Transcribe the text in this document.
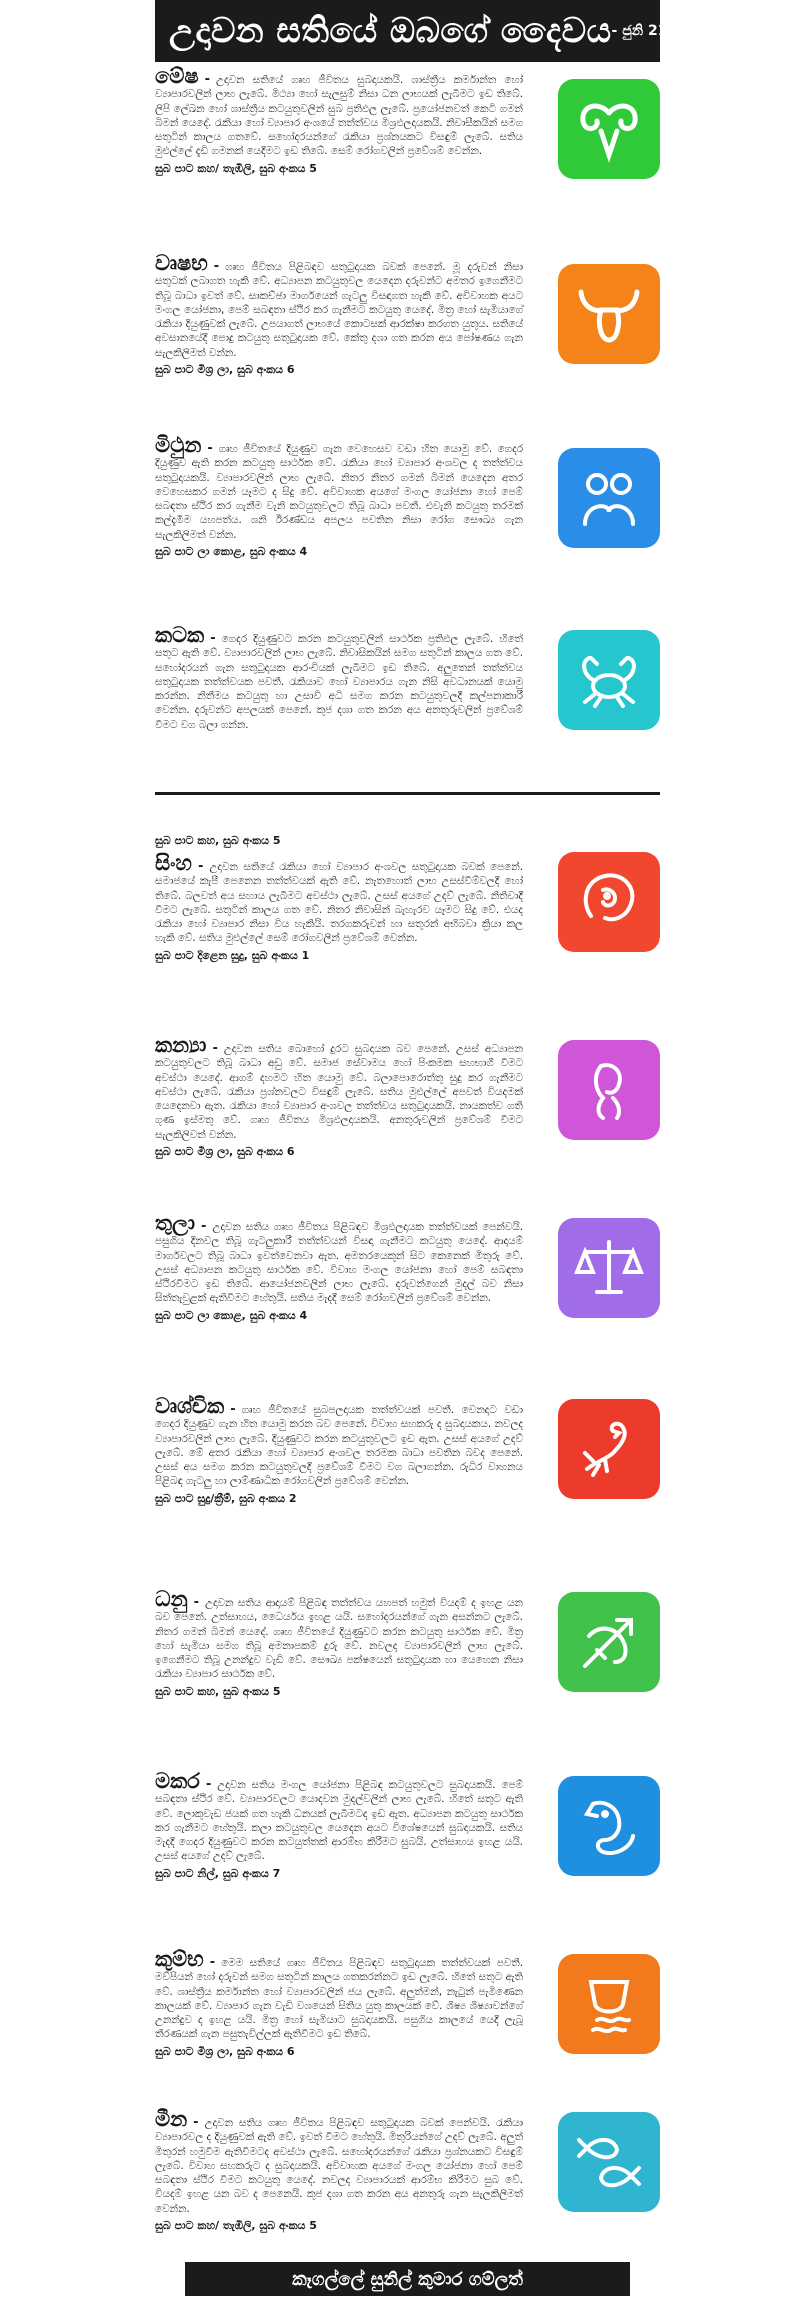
උදාවන සතියේ ඔබගේ දෛවය - ජුනි 21 සිට
මේෂ - උදාවන සතියේ ගෘහ ජීවිතය සුබදායකයි. ශාස්ත්‍රීය කර්මාන්ත හෝ ව්‍යාපාරවලින් ලාභ ලැබේ. මිථ්‍යා හෝ සැලසුම් නිසා ධන ලාභයක් ලැබීමට ඉඩ තිබේ. ලිපි ලේඛන හෝ ශාස්ත්‍රීය කටයුතුවලින් සුබ ප්‍රතිඵල ලැබේ. ප්‍රයෝජනවත් කෙටි ගමන් බිමන් යෙදේ. රැකියා හෝ ව්‍යාපාර අංශයේ තත්ත්වය මිශ්‍රඵලදායකයි. නිවාසීකයින් සමග සතුටින් කාලය ගතවේ. සහෝදරයන්ගේ රැකියා ප්‍රශ්නයකට විසඳුම් ලැබේ. සතිය මුළුල්ලේ දැඩි ගමනක් යෙදීමට ඉඩ තිබේ. සෙම් රෝගවලින් ප්‍රවේශම් වෙන්න.
සුබ පාට කහ/ තැඹිලි, සුබ අංකය 5
වෘෂභ - ගෘහ ජීවිතය පිළිබඳව සතුටුදායක බවක් පෙනේ. මූ දරුවන් නිසා සතුටක් ලබාගත හැකි වේ. අධ්‍යාපන කටයුතුවල යෙදෙන දරුවන්ට අමතර ඉගෙනීමට තිබූ බාධා ඉවත් වේ. සාකච්ඡා මාර්ගයෙන් ගැටලු විසඳාගත හැකි වේ. අවිවාහක අයට මංගල යෝජනා, පෙම් සබඳතා ස්ථිර කර ගැනීමට කටයුතු යෙදේ. මිත්‍ර හෝ සැමියාගේ රැකියා දියුණුවක් ලැබේ. උපයාගත් ලාභයේ කොටසක් ආරක්ෂා කරගත යුතුය. සතියේ අවසානයේදී පොදු කටයුතු සතුටුදායක වේ. කේතු දශා ගත කරන අය පෝෂණය ගැන සැලකිලිමත් වන්න.
සුබ පාට මිශ්‍ර ලා, සුබ අංකය 6
මිථුන - ගෘහ ජීවිතයේ දියුණුව ගැන වෙහෙසව වඩා හිත යොමු වේ. ගෙදර දියුණුව ඇති කරන කටයුතු සාර්ථක වේ. රැකියා හෝ ව්‍යාපාර අංශවල ද තත්ත්වය සතුටුදායකයි. ව්‍යාපාරවලින් ලාභ ලැබේ. නිතර නිතර ගමන් බිමන් යෙදෙන අතර වෙහෙසකර ගමන් යෑමට ද සිදු වේ. අවිවාහක අයගේ මංගල යෝජනා හෝ පෙම් සබඳතා ස්ථිර කර ගැනීම වැනි කටයුතුවලට තිබූ බාධා පවතී. එවැනි කටයුතු තරමක් කල්දැමීම යහපත්ය. ශනි ඊරණ්ඩය අපලය පවතින නිසා රෝග සෞඛ්‍ය ගැන සැලකිලිමත් වන්න.
සුබ පාට ලා කොළ, සුබ අංකය 4
කටක - ගෙදර දියුණුවට කරන කටයුතුවලින් සාර්ථක ප්‍රතිඵල ලැබේ. හිතේ සතුට ඇති වේ. ව්‍යාපාරවලින් ලාභ ලැබේ. නිවාසිකයින් සමග සතුටින් කාලය ගත වේ. සහෝදරයන් ගැන සතුටුදායක ආරංචියක් ලැබීමට ඉඩ තිබේ. අලුතෙන් තත්ත්වය සතුටුදායක තත්ත්වයක පවතී. රැකියාව හෝ ව්‍යාපාරය ගැන නිසි අවධානයක් යොමු කරන්න. නිතීමය කටයුතු හා උසාවි අධි සමග කරන කටයුතුවලදී කල්පනාකාරී වෙන්න. දරුවන්ට අපලයක් පෙනේ. කුජ දශා ගත කරන අය අනතුරුවලින් ප්‍රවේශම් වීමට වග බලා ගන්න.
සුබ පාට කහ, සුබ අංකය 5
සිංහ - උදාවන සතියේ රැකියා හෝ ව්‍යාපාර අංශවල සතුටුදායක බවක් පෙනේ. සමාජයේ කැපී පෙනෙන තත්ත්වයක් ඇති වේ. නැතහොත් ලාභ උසස්වීම්වලදී හෝ තිබේ. බලවත් අය සහාය ලැබීමට අවස්ථා ලැබේ. උසස් අයගේ උදව් ලැබේ. නිතිවාදී වීමට ලැබේ. සතුටින් කාලය ගත වේ. නිතර නිවාසින් බැහැරව යෑමට සිදු වේ. එයද රැකියා හෝ ව්‍යාපාර නිසා විය හැකියි. තරගකරුවන් හා සතුරන් අභිබවා ක්‍රියා කල හැකි වේ. සතිය මුළුල්ලේ සෙම් රෝගවලින් ප්‍රවේශම් වෙන්න.
සුබ පාට දිළෙන සුදු, සුබ අංකය 1
කන්‍යා - උදාවන සතිය බොහෝ දුරට සුබදායක බව පෙනේ. උසස් අධ්‍යාපන කටයුතුවලට තිබූ බාධා අඩු වේ. සමාජ සේවාමය හෝ පිංකමක සහභාගී වීමට අවස්ථා යෙදේ. ආගම් දහමට හිත යොමු වේ. බලාපොරොත්තු සුදු කර ගැනීමට අවස්ථා ලැබේ. රැකියා ප්‍රශ්නවලට විසඳුම් ලැබේ. සතිය මුළුල්ලේ අපවත් වියදමක් යෙදෙනවා ඇත. රැකියා හෝ ව්‍යාපාර අංශවල තත්ත්වය සතුටුදායකයි. නායකත්ව ගති ගුණ ඉස්මතු වේ. ගෘහ ජීවිතය මිශ්‍රඵලදායකයි. අනතුරුවලින් ප්‍රවේශම් වීමට සැලකිලිවත් වන්න.
සුබ පාට මිශ්‍ර ලා, සුබ අංකය 6
තුලා - උදාවන සතිය ගෘහ ජීවිතය පිළිබඳව මිශ්‍රඵලදායක තත්ත්වයක් පෙන්වයි. පසුගිය දිනවල තිබූ ගැටලුකාරී තත්ත්වයන් විසඳා ගැනීමට කටයුතු යෙදේ. ආදායම් මාර්ගවලට තිබූ බාධා ඉවත්වෙනවා ඇත. අමතරයෙකුන් සිට කෙනෙක් මිතුරු වේ. උසස් අධ්‍යාපන කටයුතු සාර්ථක වේ. විවාහ මංගල යෝජනා හෝ පෙම් සබඳතා ස්ථිරවීමට ඉඩ තිබේ. ආයෝජනවලින් ලාභ ලැබේ. දරුවන්ගෙන් මුදල් බව නිසා සිත්තැවුළක් ඇතිවීමට හේතුයි. සතිය මැදදී සෙම් රෝගවලින් ප්‍රවේශම් වෙන්න.
සුබ පාට ලා කොළ, සුබ අංකය 4
වෘශ්චික - ගෘහ ජීවිතයේ සුබපලදායක තත්ත්වයක් පවතී. වෙනදාට වඩා ගෙදර දියුණුව ගැන හිත යොමු කරන බව පෙනේ. විවාහ සහකරු ද සුබදායකය. නවලද ව්‍යාපාරවලින් ලාභ ලැබේ. දියුණුවට කරන කටයුතුවලට ඉඩ ඇත. උසස් අයගේ උදව් ලැබේ. මේ අතර රැකියා හෝ ව්‍යාපාර අංශවල තරමක බාධා පවතින බවද පෙනේ. උසස් අය සමග කරන කටයුතුවලදී ප්‍රවේශම් වීමට වග බලාගන්න. රුධිර වාහනය පිළිබඳ ගැටලු හා ලාම්ණාධික රෝගවලින් ප්‍රවේශම් වෙන්න.
සුබ පාට සුදු/ක්‍රීම්, සුබ අංකය 2
ධනු - උදාවන සතිය ආදායම් පිළිබඳ තත්ත්වය යහපත් හමුත් වියදම් ද ඉහළ යන බව පෙනේ. උත්සාහය, ධෛර්යය ඉහළ යයි. සහෝදරයන්ගේ ගැන අසන්නට ලැබේ. නිතර ගමන් බිමන් යෙදේ. ගෘහ ජීවිතයේ දියුණුවට කරන කටයුතු සාර්ථක වේ. මිත්‍ර හෝ සැමියා සමග තිබූ අමනාපකම් දුරු වේ. නවලද ව්‍යාපාරවලින් ලාභ ලැබේ. ඉගෙනීමට තිබූ උනන්දුව වැඩි වේ. සෞඛ්‍ය පක්ෂයෙන් සතුටුදායක හා යෙහෙන නිසා රැකියා ව්‍යාපාර සාර්ථක වේ.
සුබ පාට කහ, සුබ අංකය 5
මකර - උදාවන සතිය මංගල යෝජනා පිළිබඳ කටයුතුවලට සුබදායකයි. පෙම් සබඳතා ස්ථිර වේ. ව්‍යාපාරවලට යොදවන මුදල්වලින් ලාභ ලැබේ. හිතේ සතුට ඇති වේ. ලොකුවැඩ ජයක් ගත හැකි ධනයක් ලැබීමටද ඉඩ ඇත. අධ්‍යාපන කටයුතු සාර්ථක කර ගැනීමට හේතුයි. කලා කටයුතුවල යෙදෙන අයට විශේෂයෙන් සුබදායකයි. සතිය මැදදී ගෙදර දියුණුවට කරන කටයුත්තක් ආරම්භ කිරීමට සුබයි. උත්සාහය ඉහළ යයි. උසස් අයගේ උදව් ලැබේ.
සුබ පාට නිල්, සුබ අංකය 7
කුම්භ - මෙම සතියේ ගෘහ ජීවිතය පිළිබඳව සතුටුදායක තත්ත්වයක් පවතී. මව්පියන් හෝ දරුවන් සමග සතුටින් කාලය ගතකරන්නට ඉඩ ලැබේ. හිතේ සතුට ඇති වේ. ශාස්ත්‍රීය කර්මාන්ත හෝ ව්‍යාපාරවලින් ජය ලැබේ. අලුත්මන්, නැටුන් පැමිණෙන කාලයක් වේ. ව්‍යාපාර ගැන වැඩි වශයෙන් සිතිය යුතු කාලයක් වේ. ශිෂ්‍ය ශිෂ්‍යාවන්ගේ උනන්දුව ද ඉහළ යයි. මිත්‍ර හෝ සැමියාට සුබදායකයි. පසුගිය කාලයේ යෙදී ලැබූ තීරණයක් ගැන පසුතැවිල්ලක් ඇතිවීමට ඉඩ තිබේ.
සුබ පාට මිශ්‍ර ලා, සුබ අංකය 6
මීන - උදාවන සතිය ගෘහ ජීවිතය පිළිබඳව සතුටුදායක බවක් පෙන්වයි. රැකියා ව්‍යාපාරවල ද දියුණුවක් ඇති වේ. ඉවත් වීමට හේතුයි. මිතුරියන්ගේ උදව් ලැබේ. අලුත් මිතුරන් හමුවීම ඇතිවීමටද අවස්ථා ලැබේ. සහෝදරයන්ගේ රැකියා ප්‍රශ්නයකට විසඳුම් ලැබේ. විවාහ සහකරුට ද සුබදායකයි. අවිවාහක අයගේ මංගල යෝජනා හෝ පෙම් සබඳතා ස්ථිර වීමට කටයුතු යෙදේ. නවලද ව්‍යාපාරයක් ආරම්භ කිරීමට සුබ වේ. වියදම් ඉහළ යන බව ද පෙනෙයි. කුජ දශා ගත කරන අය අනතුරු ගැන සැලකිලිමත් වෙන්න.
සුබ පාට කහ/ තැඹිලි, සුබ අංකය 5
කෑගල්ලේ සුනිල් කුමාර ගම්ලත්
